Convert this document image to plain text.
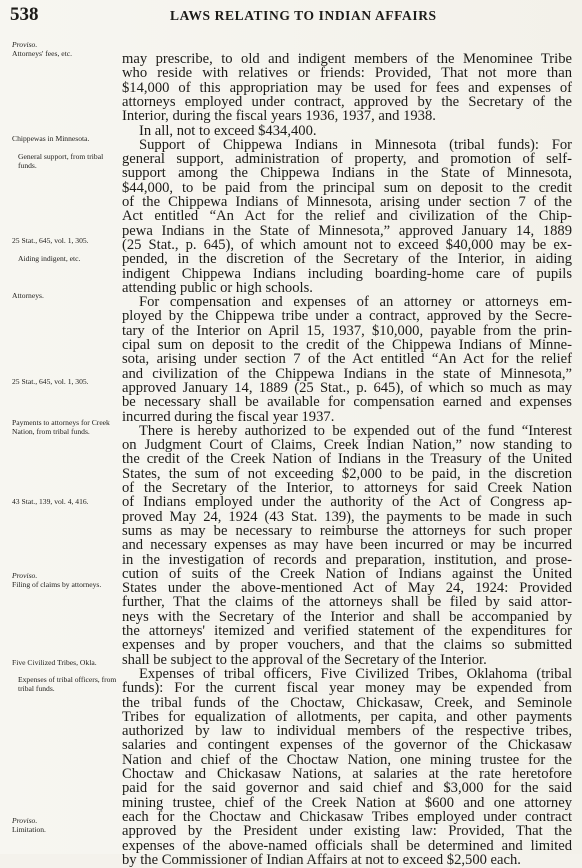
538	LAWS RELATING TO INDIAN AFFAIRS
Proviso.
Attorneys' fees, etc.
Chippewas in Minnesota.
General support, from tribal funds.
25 Stat., 645, vol. 1, 305.
Aiding indigent, etc.
Attorneys.
25 Stat., 645, vol. 1, 305.
Payments to attorneys for Creek Nation, from tribal funds.
43 Stat., 139, vol. 4, 416.
Proviso.
Filing of claims by attorneys.
Five Civilized Tribes, Okla.
Expenses of tribal officers, from tribal funds.
Proviso.
Limitation.
may prescribe, to old and indigent members of the Menominee Tribe
who reside with relatives or friends: Provided, That not more than
$14,000 of this appropriation may be used for fees and expenses of
attorneys employed under contract, approved by the Secretary of the
Interior, during the fiscal years 1936, 1937, and 1938.
In all, not to exceed $434,400.
Support of Chippewa Indians in Minnesota (tribal funds): For
general support, administration of property, and promotion of self-
support among the Chippewa Indians in the State of Minnesota,
$44,000, to be paid from the principal sum on deposit to the credit
of the Chippewa Indians of Minnesota, arising under section 7 of the
Act entitled “An Act for the relief and civilization of the Chip-
pewa Indians in the State of Minnesota,” approved January 14, 1889
(25 Stat., p. 645), of which amount not to exceed $40,000 may be ex-
pended, in the discretion of the Secretary of the Interior, in aiding
indigent Chippewa Indians including boarding-home care of pupils
attending public or high schools.
For compensation and expenses of an attorney or attorneys em-
ployed by the Chippewa tribe under a contract, approved by the Secre-
tary of the Interior on April 15, 1937, $10,000, payable from the prin-
cipal sum on deposit to the credit of the Chippewa Indians of Minne-
sota, arising under section 7 of the Act entitled “An Act for the relief
and civilization of the Chippewa Indians in the state of Minnesota,”
approved January 14, 1889 (25 Stat., p. 645), of which so much as may
be necessary shall be available for compensation earned and expenses
incurred during the fiscal year 1937.
There is hereby authorized to be expended out of the fund “Interest
on Judgment Court of Claims, Creek Indian Nation,” now standing to
the credit of the Creek Nation of Indians in the Treasury of the United
States, the sum of not exceeding $2,000 to be paid, in the discretion
of the Secretary of the Interior, to attorneys for said Creek Nation
of Indians employed under the authority of the Act of Congress ap-
proved May 24, 1924 (43 Stat. 139), the payments to be made in such
sums as may be necessary to reimburse the attorneys for such proper
and necessary expenses as may have been incurred or may be incurred
in the investigation of records and preparation, institution, and prose-
cution of suits of the Creek Nation of Indians against the United
States under the above-mentioned Act of May 24, 1924: Provided
further, That the claims of the attorneys shall be filed by said attor-
neys with the Secretary of the Interior and shall be accompanied by
the attorneys' itemized and verified statement of the expenditures for
expenses and by proper vouchers, and that the claims so submitted
shall be subject to the approval of the Secretary of the Interior.
Expenses of tribal officers, Five Civilized Tribes, Oklahoma (tribal
funds): For the current fiscal year money may be expended from
the tribal funds of the Choctaw, Chickasaw, Creek, and Seminole
Tribes for equalization of allotments, per capita, and other payments
authorized by law to individual members of the respective tribes,
salaries and contingent expenses of the governor of the Chickasaw
Nation and chief of the Choctaw Nation, one mining trustee for the
Choctaw and Chickasaw Nations, at salaries at the rate heretofore
paid for the said governor and said chief and $3,000 for the said
mining trustee, chief of the Creek Nation at $600 and one attorney
each for the Choctaw and Chickasaw Tribes employed under contract
approved by the President under existing law: Provided, That the
expenses of the above-named officials shall be determined and limited
by the Commissioner of Indian Affairs at not to exceed $2,500 each.
